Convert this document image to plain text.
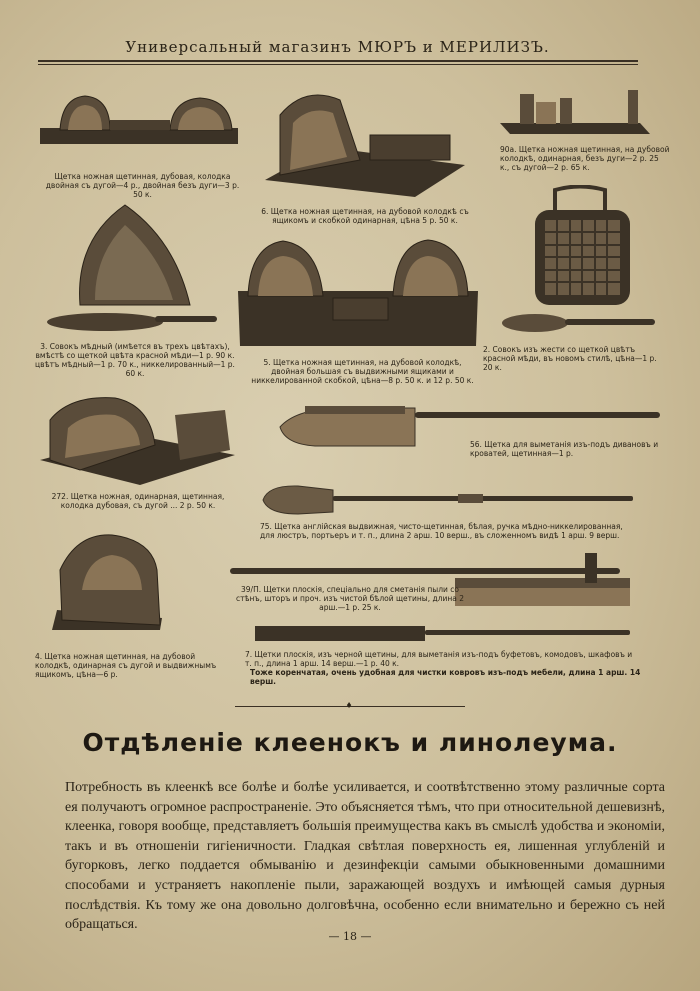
Универсальный магазинъ МЮРЪ и МЕРИЛИЗЪ.
Щетка ножная щетинная, дубовая, колодка двойная съ дугой—4 р., двойная безъ дуги—3 р. 50 к.
6. Щетка ножная щетинная, на дубовой колодкѣ съ ящикомъ и скобкой одинарная, цѣна 5 р. 50 к.
90а. Щетка ножная щетинная, на дубовой колодкѣ, одинарная, безъ дуги—2 р. 25 к., съ дугой—2 р. 65 к.
3. Совокъ мѣдный (имѣется въ трехъ цвѣтахъ), вмѣстѣ со щеткой цвѣта красной мѣди—1 р. 90 к. цвѣтъ мѣдный—1 р. 70 к., никкелированный—1 р. 60 к.
5. Щетка ножная щетинная, на дубовой колодкѣ, двойная большая съ выдвижными ящиками и никкелированной скобкой, цѣна—8 р. 50 к. и 12 р. 50 к.
2. Совокъ изъ жести со щеткой цвѣтъ красной мѣди, въ новомъ стилѣ, цѣна—1 р. 20 к.
56. Щетка для выметанія изъ-подъ дивановъ и кроватей, щетинная—1 р.
272. Щетка ножная, одинарная, щетинная, колодка дубовая, съ дугой ... 2 р. 50 к.
75. Щетка англійская выдвижная, чисто-щетинная, бѣлая, ручка мѣдно-никкелированная, для люстръ, портьеръ и т. п., длина 2 арш. 10 верш., въ сложенномъ видѣ 1 арш. 9 верш.
4. Щетка ножная щетинная, на дубовой колодкѣ, одинарная съ дугой и выдвижнымъ ящикомъ, цѣна—6 р.
39/П. Щетки плоскія, спеціально для сметанія пыли со стѣнъ, шторъ и проч. изъ чистой бѣлой щетины, длина 2 арш.—1 р. 25 к.
7. Щетки плоскія, изъ черной щетины, для выметанія изъ-подъ буфетовъ, комодовъ, шкафовъ и т. п., длина 1 арш. 14 верш.—1 р. 40 к.
Тоже коренчатая, очень удобная для чистки ковровъ изъ-подъ мебели, длина 1 арш. 14 верш.
♦
Отдѣленіе клеенокъ и линолеума.

Потребность въ клеенкѣ все болѣе и болѣе усиливается, и соотвѣтственно этому различные сорта ея получаютъ огромное распространеніе. Это объясняется тѣмъ, что при относительной дешевизнѣ, клеенка, говоря вообще, представляетъ большія преимущества какъ въ смыслѣ удобства и экономіи, такъ и въ отношеніи гигіеничности. Гладкая свѣтлая поверхность ея, лишенная углубленій и бугорковъ, легко поддается обмыванію и дезинфекціи самыми обыкновенными домашними способами и устраняетъ накопленіе пыли, заражающей воздухъ и имѣющей самыя дурныя послѣдствія. Къ тому же она довольно долговѣчна, особенно если внимательно и бережно съ ней обращаться.

— 18 —
